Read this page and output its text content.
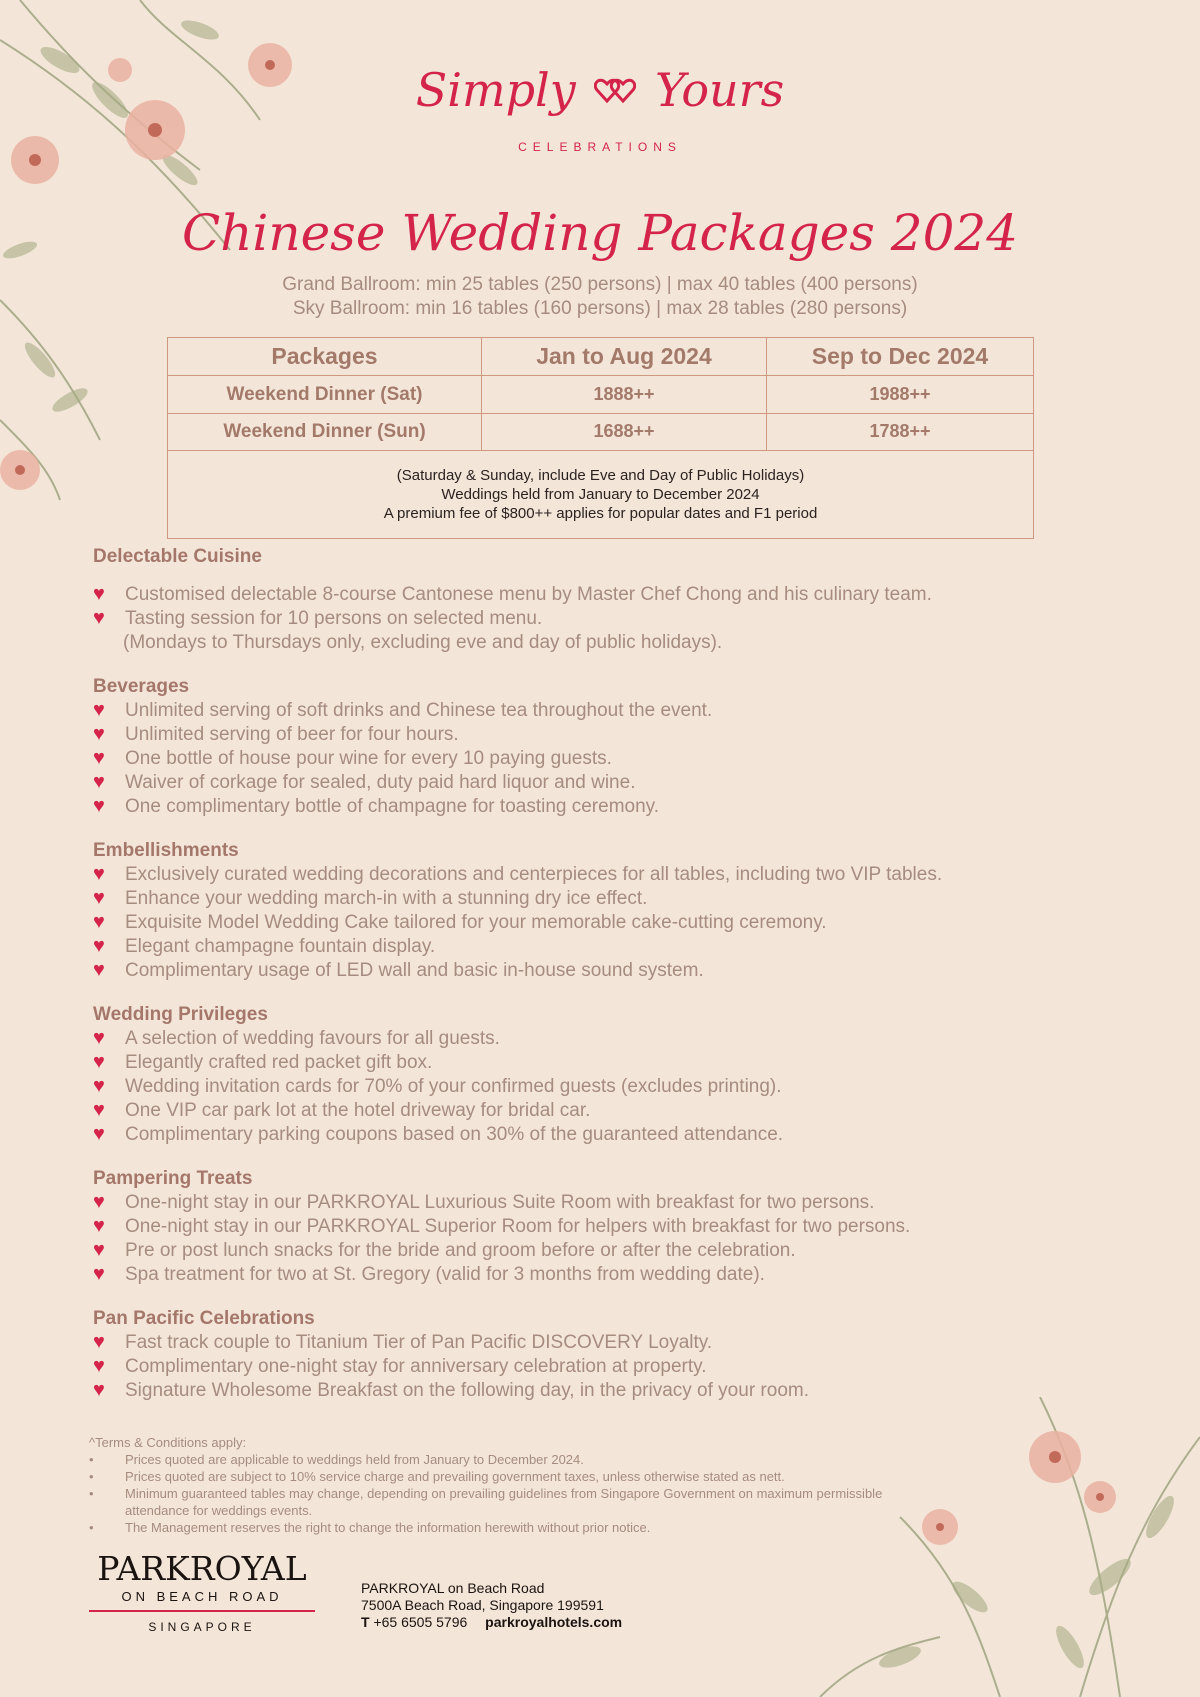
Simply Yours
CELEBRATIONS
Chinese Wedding Packages 2024
Grand Ballroom: min 25 tables (250 persons) | max 40 tables (400 persons)
Sky Ballroom: min 16 tables (160 persons) | max 28 tables (280 persons)
Packages	Jan to Aug 2024	Sep to Dec 2024
Weekend Dinner (Sat)	1888++	1988++
Weekend Dinner (Sun)	1688++	1788++

(Saturday & Sunday, include Eve and Day of Public Holidays)
Weddings held from January to December 2024
A premium fee of $800++ applies for popular dates and F1 period		
Delectable Cuisine
♥ Customised delectable 8-course Cantonese menu by Master Chef Chong and his culinary team.
♥ Tasting session for 10 persons on selected menu.
(Mondays to Thursdays only, excluding eve and day of public holidays).
Beverages
♥ Unlimited serving of soft drinks and Chinese tea throughout the event.
♥ Unlimited serving of beer for four hours.
♥ One bottle of house pour wine for every 10 paying guests.
♥ Waiver of corkage for sealed, duty paid hard liquor and wine.
♥ One complimentary bottle of champagne for toasting ceremony.
Embellishments
♥ Exclusively curated wedding decorations and centerpieces for all tables, including two VIP tables.
♥ Enhance your wedding march-in with a stunning dry ice effect.
♥ Exquisite Model Wedding Cake tailored for your memorable cake-cutting ceremony.
♥ Elegant champagne fountain display.
♥ Complimentary usage of LED wall and basic in-house sound system.
Wedding Privileges
♥ A selection of wedding favours for all guests.
♥ Elegantly crafted red packet gift box.
♥ Wedding invitation cards for 70% of your confirmed guests (excludes printing).
♥ One VIP car park lot at the hotel driveway for bridal car.
♥ Complimentary parking coupons based on 30% of the guaranteed attendance.
Pampering Treats
♥ One-night stay in our PARKROYAL Luxurious Suite Room with breakfast for two persons.
♥ One-night stay in our PARKROYAL Superior Room for helpers with breakfast for two persons.
♥ Pre or post lunch snacks for the bride and groom before or after the celebration.
♥ Spa treatment for two at St. Gregory (valid for 3 months from wedding date).
Pan Pacific Celebrations
♥ Fast track couple to Titanium Tier of Pan Pacific DISCOVERY Loyalty.
♥ Complimentary one-night stay for anniversary celebration at property.
♥ Signature Wholesome Breakfast on the following day, in the privacy of your room.
^Terms & Conditions apply:
• Prices quoted are applicable to weddings held from January to December 2024.
• Prices quoted are subject to 10% service charge and prevailing government taxes, unless otherwise stated as nett.
• Minimum guaranteed tables may change, depending on prevailing guidelines from Singapore Government on maximum permissible attendance for weddings events.
• The Management reserves the right to change the information herewith without prior notice.
PARKROYAL
ON BEACH ROAD
SINGAPORE
PARKROYAL on Beach Road
7500A Beach Road, Singapore 199591
T +65 6505 5796 parkroyalhotels.com
